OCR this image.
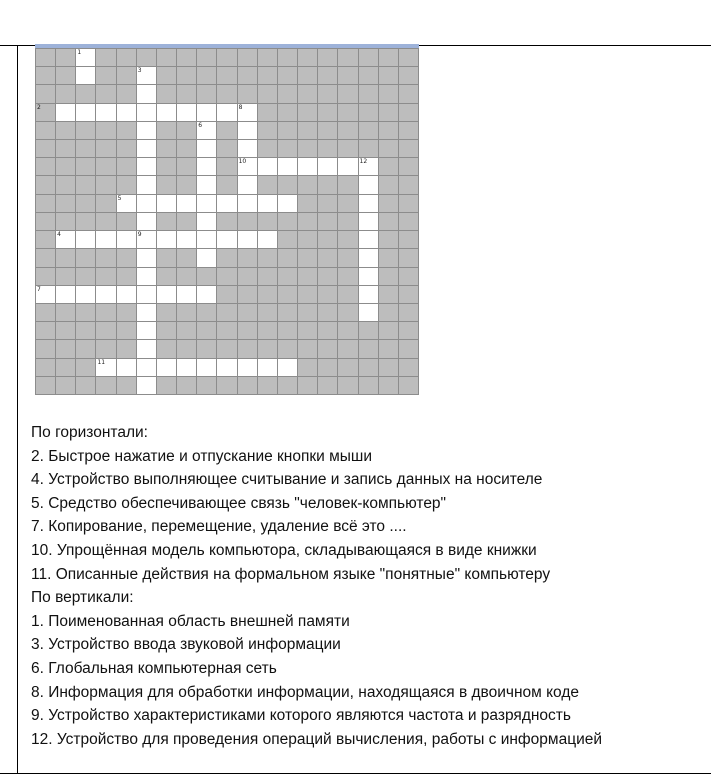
1
3
2	8
6
10	12
5
4	9
7
11
По горизонтали:
2. Быстрое нажатие и отпускание кнопки мыши
4. Устройство выполняющее считывание и запись данных на носителе
5. Средство обеспечивающее связь "человек-компьютер"
7. Копирование, перемещение, удаление всё это ....
10. Упрощённая модель компьютора, складывающаяся в виде книжки
11. Описанные действия на формальном языке "понятные" компьютеру
По вертикали:
1. Поименованная область внешней памяти
3. Устройство ввода звуковой информации
6. Глобальная компьютерная сеть
8. Информация для обработки информации, находящаяся в двоичном коде
9. Устройство характеристиками которого являются частота и разрядность
12. Устройство для проведения операций вычисления, работы с информацией
